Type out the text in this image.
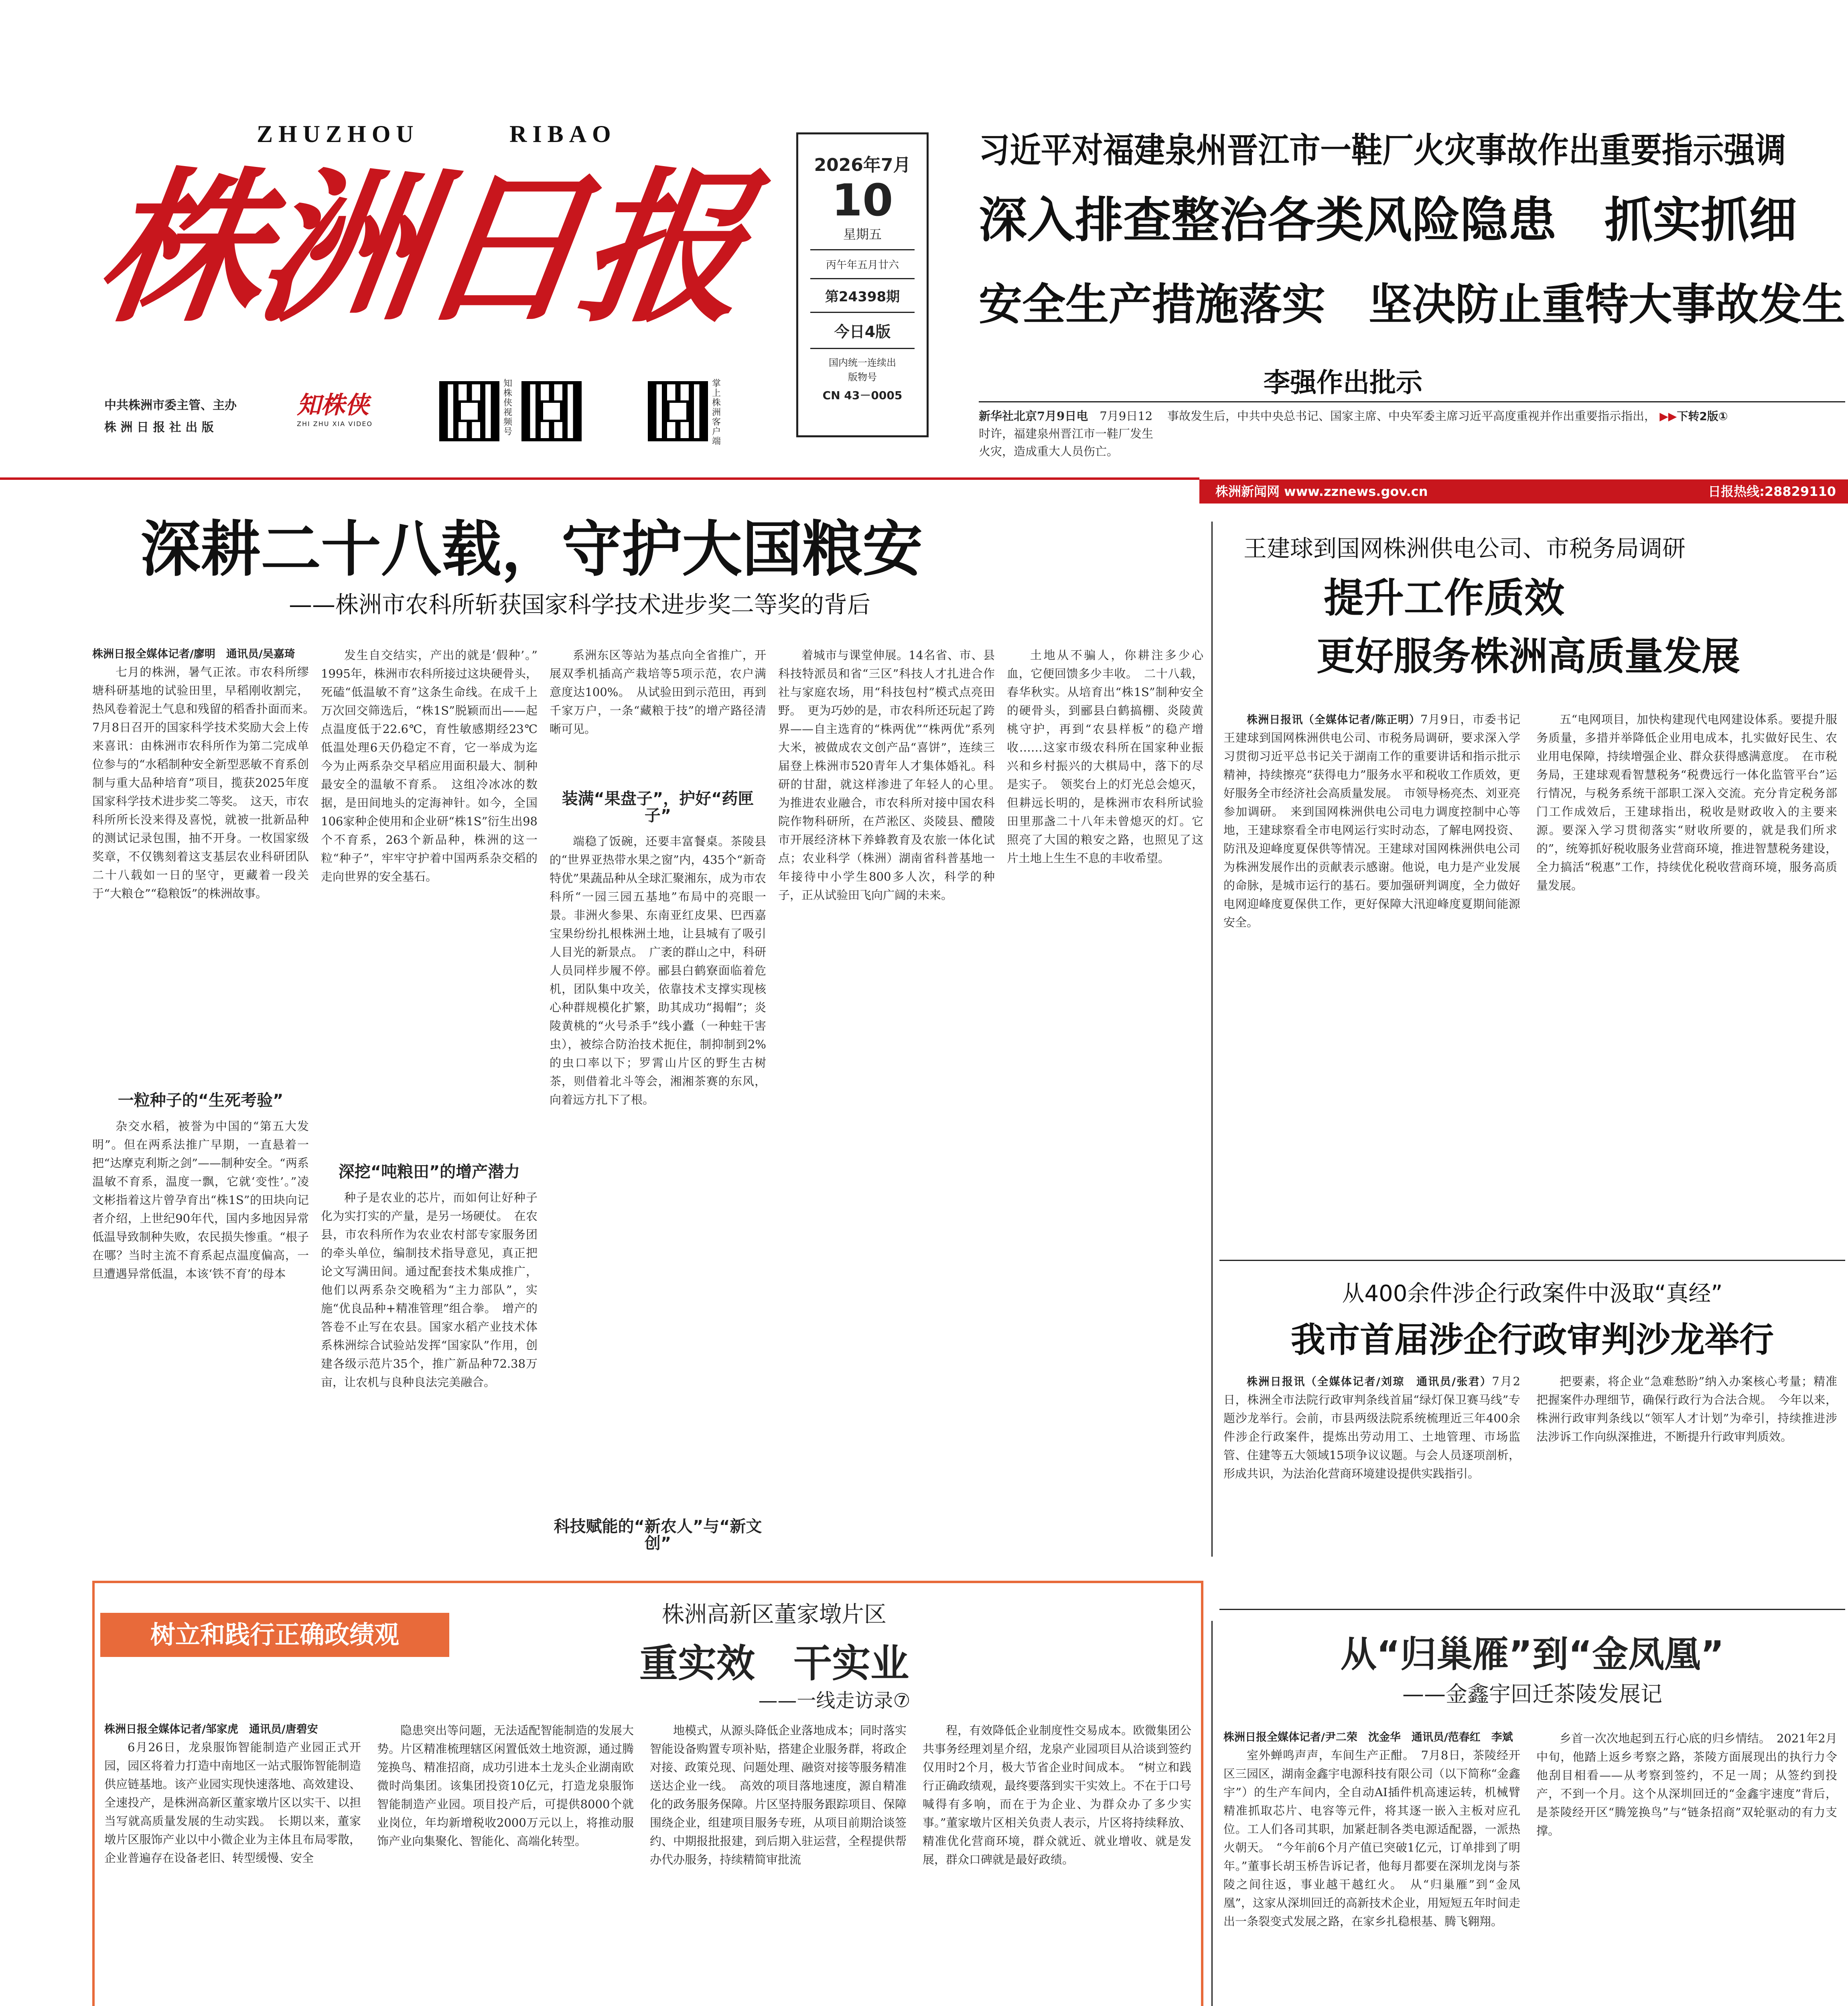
ZHUZHOU	RIBAO
株洲日报
中共株洲市委主管、主办
株 洲 日 报 社 出 版
知株侠
ZHI ZHU XIA VIDEO
知株侠视频号
掌上株洲客户端
2026年7月
10
星期五
丙午年五月廿六
第24398期
今日4版
国内统一连续出版物号
CN 43－0005
习近平对福建泉州晋江市一鞋厂火灾事故作出重要指示强调
深入排查整治各类风险隐患　抓实抓细
安全生产措施落实　坚决防止重特大事故发生
李强作出批示
新华社北京7月9日电　 7月9日12时许，福建泉州晋江市一鞋厂发生火灾，造成重大人员伤亡。
事故发生后，中共中央总书记、国家主席、中央军委主席习近平高度重视并作出重要指示指出， ▶▶下转2版①
株洲新闻网 www.zznews.gov.cn	日报热线:28829110
深耕二十八载，守护大国粮安
——株洲市农科所斩获国家科学技术进步奖二等奖的背后
株洲日报全媒体记者/廖明　通讯员/吴嘉琦

七月的株洲，暑气正浓。市农科所缪塘科研基地的试验田里，早稻刚收割完，热风卷着泥土气息和残留的稻香扑面而来。　7月8日召开的国家科学技术奖励大会上传来喜讯：由株洲市农科所作为第二完成单位参与的“水稻制种安全新型恶敏不育系创制与重大品种培育”项目，揽获2025年度国家科学技术进步奖二等奖。　这天，市农科所所长没来得及喜悦，就被一批新品种的测试记录包围，抽不开身。一枚国家级奖章，不仅镌刻着这支基层农业科研团队二十八载如一日的坚守，更藏着一段关于“大粮仓”“稳粮饭”的株洲故事。

一粒种子的“生死考验”

杂交水稻，被誉为中国的“第五大发明”。但在两系法推广早期，一直悬着一把“达摩克利斯之剑”——制种安全。“两系温敏不育系，温度一飘，它就‘变性’。”凌文彬指着这片曾孕育出“株1S”的田块向记者介绍，上世纪90年代，国内多地因异常低温导致制种失败，农民损失惨重。“根子在哪？当时主流不育系起点温度偏高，一旦遭遇异常低温，本该‘铁不育’的母本

发生自交结实，产出的就是‘假种’。”　1995年，株洲市农科所接过这块硬骨头，死磕“低温敏不育”这条生命线。在成千上万次回交筛选后，“株1S”脱颖而出——起点温度低于22.6℃，育性敏感期经23℃低温处理6天仍稳定不育，它一举成为迄今为止两系杂交早稻应用面积最大、制种最安全的温敏不育系。　这组冷冰冰的数据，是田间地头的定海神针。如今，全国106家种企使用和企业研“株1S”衍生出98个不育系，263个新品种，株洲的这一粒“种子”，牢牢守护着中国两系杂交稻的走向世界的安全基石。

深挖“吨粮田”的增产潜力

种子是农业的芯片，而如何让好种子化为实打实的产量，是另一场硬仗。　在农县，市农科所作为农业农村部专家服务团的牵头单位，编制技术指导意见，真正把论文写满田间。通过配套技术集成推广，他们以两系杂交晚稻为“主力部队”，实施“优良品种+精准管理”组合拳。　增产的答卷不止写在农县。国家水稻产业技术体系株洲综合试验站发挥“国家队”作用，创建各级示范片35个，推广新品种72.38万亩，让农机与良种良法完美融合。

系洲东区等站为基点向全省推广，开展双季机插高产栽培等5项示范，农户满意度达100%。　从试验田到示范田，再到千家万户，一条“藏粮于技”的增产路径清晰可见。

装满“果盘子”，护好“药匣子”

端稳了饭碗，还要丰富餐桌。茶陵县的“世界亚热带水果之窗”内，435个“新奇特优”果蔬品种从全球汇聚湘东，成为市农科所“一园三园五基地”布局中的亮眼一景。非洲火参果、东南亚红皮果、巴西嘉宝果纷纷扎根株洲土地，让县城有了吸引人目光的新景点。　广袤的群山之中，科研人员同样步履不停。郦县白鹤寮面临着危机，团队集中攻关，依靠技术支撑实现核心种群规模化扩繁，助其成功“揭帽”；炎陵黄桃的“火号杀手”线小蠹（一种蛀干害虫），被综合防治技术扼住，制抑制到2%的虫口率以下；罗霄山片区的野生古树茶，则借着北斗等会，湘湘茶赛的东风，向着远方扎下了根。

科技赋能的“新农人”与“新文创”

着城市与课堂伸展。14名省、市、县科技特派员和省“三区”科技人才扎进合作社与家庭农场，用“科技包村”模式点亮田野。　更为巧妙的是，市农科所还玩起了跨界——自主选育的“株两优”“株两优”系列大米，被做成农文创产品“喜饼”，连续三届登上株洲市520青年人才集体婚礼。科研的甘甜，就这样渗进了年轻人的心里。　为推进农业融合，市农科所对接中国农科院作物科研所，在芦淞区、炎陵县、醴陵市开展经济林下养蜂教育及农旅一体化试点；农业科学（株洲）湖南省科普基地一年接待中小学生800多人次，科学的种子，正从试验田飞向广阔的未来。

土地从不骗人，你耕注多少心血，它便回馈多少丰收。　二十八载，春华秋实。从培育出“株1S”制种安全的硬骨头，到郦县白鹤搞棚、炎陵黄桃守护，再到“农县样板”的稳产增收……这家市级农科所在国家种业振兴和乡村振兴的大棋局中，落下的尽是实子。　领奖台上的灯光总会熄灭，但耕远长明的，是株洲市农科所试验田里那盏二十八年未曾熄灭的灯。它照亮了大国的粮安之路，也照见了这片土地上生生不息的丰收希望。

王建球到国网株洲供电公司、市税务局调研
提升工作质效
更好服务株洲高质量发展

株洲日报讯（全媒体记者/陈正明）7月9日，市委书记王建球到国网株洲供电公司、市税务局调研，要求深入学习贯彻习近平总书记关于湖南工作的重要讲话和指示批示精神，持续擦亮“获得电力”服务水平和税收工作质效，更好服务全市经济社会高质量发展。　市领导杨亮杰、刘亚亮参加调研。　来到国网株洲供电公司电力调度控制中心等地，王建球察看全市电网运行实时动态，了解电网投资、防汛及迎峰度夏保供等情况。王建球对国网株洲供电公司为株洲发展作出的贡献表示感谢。他说，电力是产业发展的命脉，是城市运行的基石。要加强研判调度，全力做好电网迎峰度夏保供工作，更好保障大汛迎峰度夏期间能源安全。

五“电网项目，加快构建现代电网建设体系。要提升服务质量，多措并举降低企业用电成本，扎实做好民生、农业用电保障，持续增强企业、群众获得感满意度。　在市税务局，王建球观看智慧税务“税费远行一体化监管平台”运行情况，与税务系统干部职工深入交流。充分肯定税务部门工作成效后，王建球指出，税收是财政收入的主要来源。要深入学习贯彻落实“财收所要的，就是我们所求的”，统筹抓好税收服务业营商环境，推进智慧税务建设，全力搞活“税惠”工作，持续优化税收营商环境，服务高质量发展。

从400余件涉企行政案件中汲取“真经”
我市首届涉企行政审判沙龙举行

株洲日报讯（全媒体记者/刘琼　通讯员/张君）7月2日，株洲全市法院行政审判条线首届“绿灯保卫赛马线”专题沙龙举行。会前，市县两级法院系统梳理近三年400余件涉企行政案件，提炼出劳动用工、土地管理、市场监管、住建等五大领域15项争议议题。与会人员逐项剖析，形成共识，为法治化营商环境建设提供实践指引。

把要素，将企业“急难愁盼”纳入办案核心考量；精准把握案件办理细节，确保行政行为合法合规。　今年以来，株洲行政审判条线以“领军人才计划”为牵引，持续推进涉法涉诉工作向纵深推进，不断提升行政审判质效。

树立和践行正确政绩观
株洲高新区董家墩片区
重实效　干实业
——一线走访录⑦
株洲日报全媒体记者/邹家虎　通讯员/唐碧安

6月26日，龙泉服饰智能制造产业园正式开园，园区将着力打造中南地区一站式服饰智能制造供应链基地。该产业园实现快速落地、高效建设、全速投产，是株洲高新区董家墩片区以实干、以担当写就高质量发展的生动实践。　长期以来，董家墩片区服饰产业以中小微企业为主体且布局零散，企业普遍存在设备老旧、转型缓慢、安全

隐患突出等问题，无法适配智能制造的发展大势。片区精准梳理辖区闲置低效土地资源，通过腾笼换鸟、精准招商，成功引进本土龙头企业湖南欧微时尚集团。该集团投资10亿元，打造龙泉服饰智能制造产业园。项目投产后，可提供8000个就业岗位，年均新增税收2000万元以上，将推动服饰产业向集聚化、智能化、高端化转型。

地模式，从源头降低企业落地成本；同时落实智能设备购置专项补贴，搭建企业服务群，将政企对接、政策兑现、问题处理、融资对接等服务精准送达企业一线。　高效的项目落地速度，源自精准化的政务服务保障。片区坚持服务跟踪项目、保障围绕企业，组建项目服务专班，从项目前期洽谈签约、中期报批报建，到后期入驻运营，全程提供帮办代办服务，持续精简审批流

程，有效降低企业制度性交易成本。欧微集团公共事务经理刘星介绍，龙泉产业园项目从洽谈到签约仅用时2个月，极大节省企业时间成本。　“树立和践行正确政绩观，最终要落到实干实效上。不在于口号喊得有多响，而在于为企业、为群众办了多少实事。”董家墩片区相关负责人表示，片区将持续释放、精准优化营商环境，群众就近、就业增收、就是发展，群众口碑就是最好政绩。

从“归巢雁”到“金凤凰”
——金鑫宇回迁茶陵发展记
株洲日报全媒体记者/尹二荣　沈金华　通讯员/范春红　李斌

室外蝉鸣声声，车间生产正酣。　7月8日，茶陵经开区三园区，湖南金鑫宇电源科技有限公司（以下简称“金鑫宇”）的生产车间内，全自动AI插件机高速运转，机械臂精准抓取芯片、电容等元件，将其逐一嵌入主板对应孔位。工人们各司其职，加紧赶制各类电源适配器，一派热火朝天。　“今年前6个月产值已突破1亿元，订单排到了明年。”董事长胡玉桥告诉记者，他每月都要在深圳龙岗与茶陵之间往返，事业越干越红火。　从“归巢雁”到“金凤凰”，这家从深圳回迁的高新技术企业，用短短五年时间走出一条裂变式发展之路，在家乡扎稳根基、腾飞翱翔。

乡首一次次地起到五行心底的归乡情结。　2021年2月中旬，他踏上返乡考察之路，茶陵方面展现出的执行力令他刮目相看——从考察到签约，不足一周；从签约到投产，不到一个月。这个从深圳回迁的“金鑫宇速度”背后，是茶陵经开区“腾笼换鸟”与“链条招商”双轮驱动的有力支撑。
